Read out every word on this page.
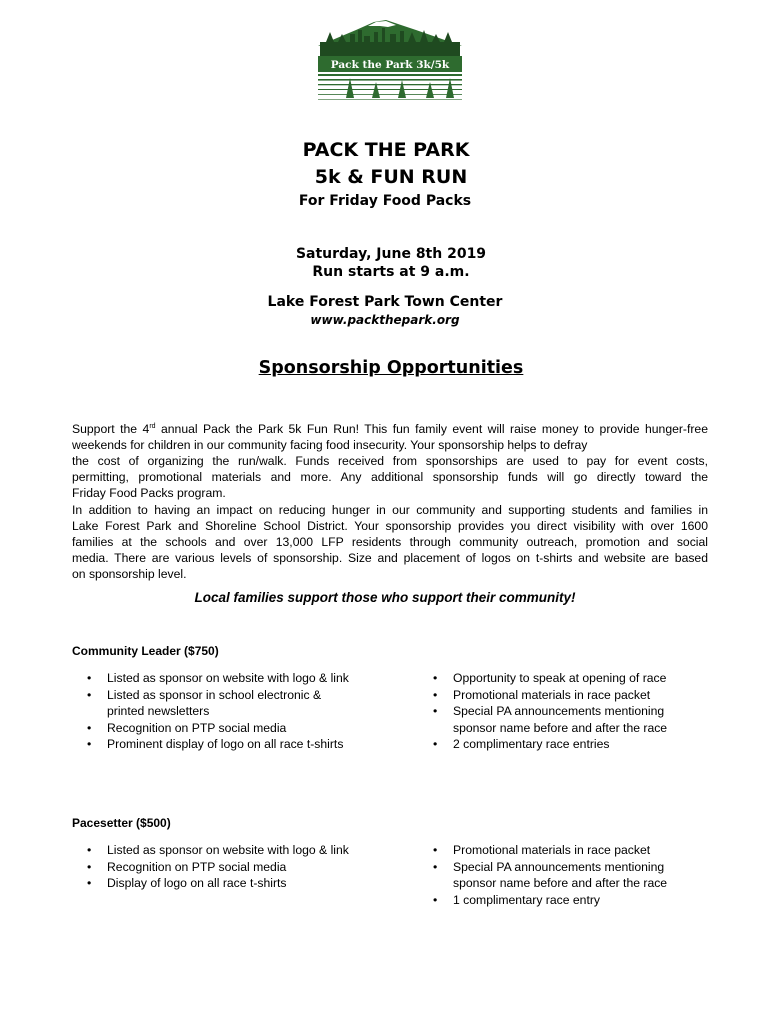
Pack the Park 3k/5k
PACK THE PARK
5k & FUN RUN
For Friday Food Packs
Saturday, June 8th 2019
Run starts at 9 a.m.
Lake Forest Park Town Center
www.packthepark.org
Sponsorship Opportunities

Support the 4rd annual Pack the Park 5k Fun Run! This fun family event will raise money to provide hunger-free

weekends for children in our community facing food insecurity. Your sponsorship helps to defray

the cost of organizing the run/walk. Funds received from sponsorships are used to pay for event costs,

permitting, promotional materials and more. Any additional sponsorship funds will go directly toward the

Friday Food Packs program.

In addition to having an impact on reducing hunger in our community and supporting students and families in

Lake Forest Park and Shoreline School District. Your sponsorship provides you direct visibility with over 1600

families at the schools and over 13,000 LFP residents through community outreach, promotion and social

media. There are various levels of sponsorship. Size and placement of logos on t-shirts and website are based

on sponsorship level.

Local families support those who support their community!
Community Leader ($750)
• Listed as sponsor on website with logo & link
• Listed as sponsor in school electronic & printed newsletters
• Recognition on PTP social media
• Prominent display of logo on all race t-shirts
• Opportunity to speak at opening of race
• Promotional materials in race packet
• Special PA announcements mentioning sponsor name before and after the race
• 2 complimentary race entries
Pacesetter ($500)
• Listed as sponsor on website with logo & link
• Recognition on PTP social media
• Display of logo on all race t-shirts
• Promotional materials in race packet
• Special PA announcements mentioning sponsor name before and after the race
• 1 complimentary race entry
